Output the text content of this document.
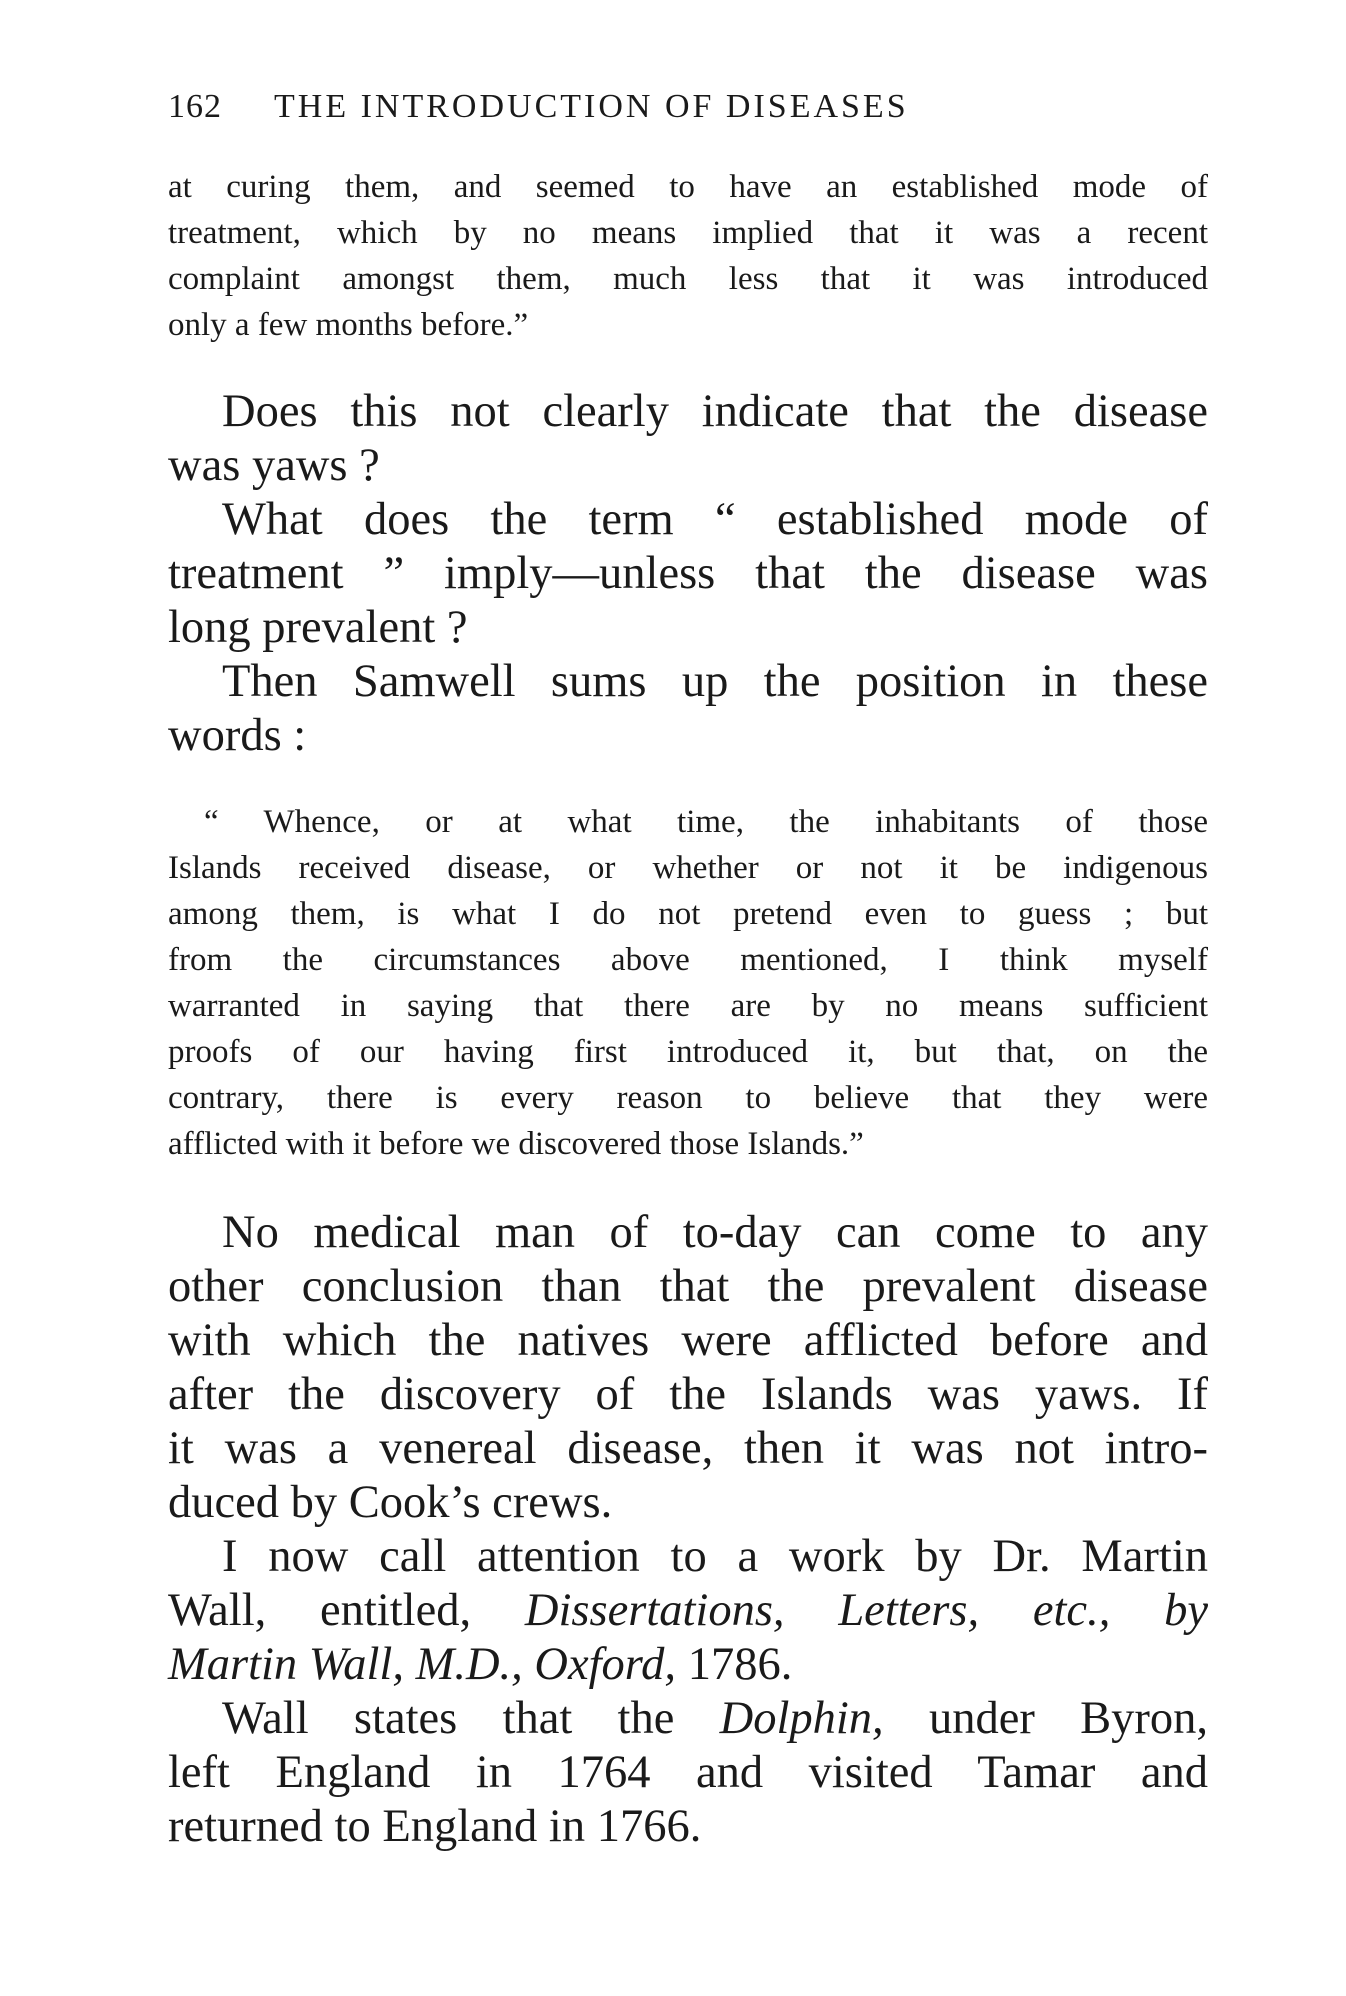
162 THE INTRODUCTION OF DISEASES
at curing them, and seemed to have an established mode of
treatment, which by no means implied that it was a recent
complaint amongst them, much less that it was introduced
only a few months before.”
Does this not clearly indicate that the disease
was yaws ?
What does the term “ established mode of
treatment ” imply—unless that the disease was
long prevalent ?
Then Samwell sums up the position in these
words :
“ Whence, or at what time, the inhabitants of those
Islands received disease, or whether or not it be indigenous
among them, is what I do not pretend even to guess ; but
from the circumstances above mentioned, I think myself
warranted in saying that there are by no means sufficient
proofs of our having first introduced it, but that, on the
contrary, there is every reason to believe that they were
afflicted with it before we discovered those Islands.”
No medical man of to-day can come to any
other conclusion than that the prevalent disease
with which the natives were afflicted before and
after the discovery of the Islands was yaws. If
it was a venereal disease, then it was not intro-
duced by Cook’s crews.
I now call attention to a work by Dr. Martin
Wall, entitled, Dissertations, Letters, etc., by
Martin Wall, M.D., Oxford, 1786.
Wall states that the Dolphin, under Byron,
left England in 1764 and visited Tamar and
returned to England in 1766.
